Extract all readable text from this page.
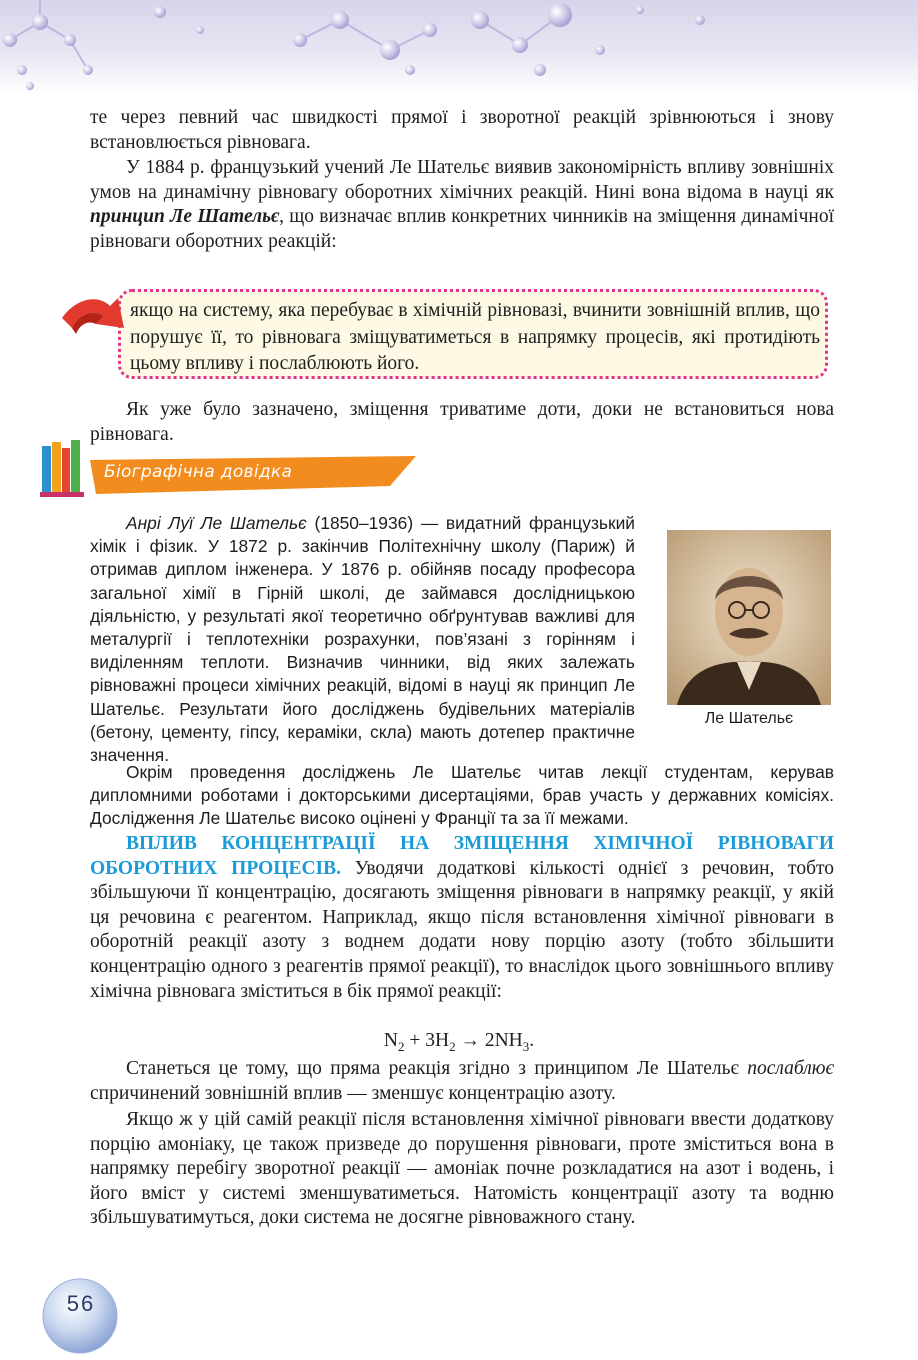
те через певний час швидкості прямої і зворотної реакцій зрівнюються і знову встановлюється рівновага.

У 1884 р. французький учений Ле Шательє виявив закономірність впливу зовнішніх умов на динамічну рівновагу оборотних хімічних реакцій. Нині вона відома в науці як принцип Ле Шательє, що визначає вплив конкретних чинників на зміщення динамічної рівноваги оборотних реакцій:

якщо на систему, яка перебуває в хімічній рівновазі, вчинити зовнішній вплив, що порушує її, то рівновага зміщуватиметься в напрямку процесів, які протидіють цьому впливу і послаблюють його.

Як уже було зазначено, зміщення триватиме доти, доки не встановиться нова рівновага.

Біографічна довідка

Анрі Луї Ле Шательє (1850–1936) — видатний французький хімік і фізик. У 1872 р. закінчив Політехнічну школу (Париж) й отримав диплом інженера. У 1876 р. обійняв посаду професора загальної хімії в Гірній школі, де займався дослідницькою діяльністю, у результаті якої теоретично обґрунтував важливі для металургії і теплотехніки розрахунки, пов’язані з горінням і виділенням теплоти. Визначив чинники, від яких залежать рівноважні процеси хімічних реакцій, відомі в науці як принцип Ле Шательє. Результати його досліджень будівельних матеріалів (бетону, цементу, гіпсу, кераміки, скла) мають дотепер практичне значення.

Ле Шательє

Окрім проведення досліджень Ле Шательє читав лекції студентам, керував дипломними роботами і докторськими дисертаціями, брав участь у державних комісіях. Дослідження Ле Шательє високо оцінені у Франції та за її межами.

ВПЛИВ КОНЦЕНТРАЦІЇ НА ЗМІЩЕННЯ ХІМІЧНОЇ РІВНОВАГИ ОБОРОТНИХ ПРОЦЕСІВ. Уводячи додаткові кількості однієї з речовин, тобто збільшуючи її концентрацію, досягають зміщення рівноваги в напрямку реакції, у якій ця речовина є реагентом. Наприклад, якщо після встановлення хімічної рівноваги в оборотній реакції азоту з воднем додати нову порцію азоту (тобто збільшити концентрацію одного з реагентів прямої реакції), то внаслідок цього зовнішнього впливу хімічна рівновага зміститься в бік прямої реакції:

$N_2 + 3H_2 \to 2NH_3$.

Станеться це тому, що пряма реакція згідно з принципом Ле Шательє послаблює спричинений зовнішній вплив — зменшує концентрацію азоту.

Якщо ж у цій самій реакції після встановлення хімічної рівноваги ввести додаткову порцію амоніаку, це також призведе до порушення рівноваги, проте зміститься вона в напрямку перебігу зворотної реакції — амоніак почне розкладатися на азот і водень, і його вміст у системі зменшуватиметься. Натомість концентрації азоту та водню збільшуватимуться, доки система не досягне рівноважного стану.

56
